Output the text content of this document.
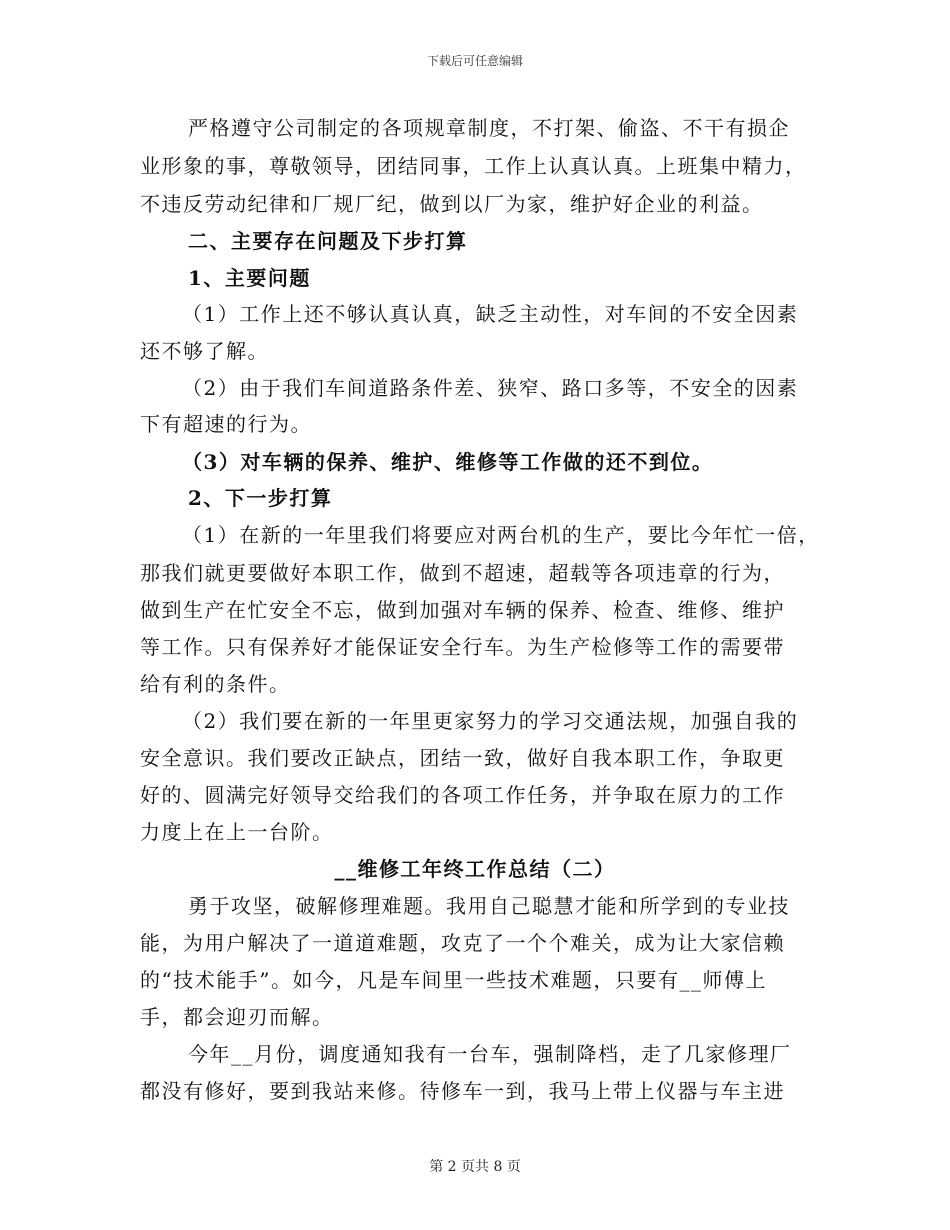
下载后可任意编辑
严格遵守公司制定的各项规章制度，不打架、偷盗、不干有损企
业形象的事，尊敬领导，团结同事，工作上认真认真。上班集中精力，
不违反劳动纪律和厂规厂纪，做到以厂为家，维护好企业的利益。
二、主要存在问题及下步打算
1、主要问题
（1）工作上还不够认真认真，缺乏主动性，对车间的不安全因素
还不够了解。
（2）由于我们车间道路条件差、狭窄、路口多等，不安全的因素
下有超速的行为。
（3）对车辆的保养、维护、维修等工作做的还不到位。
2、下一步打算
（1）在新的一年里我们将要应对两台机的生产，要比今年忙一倍，
那我们就更要做好本职工作，做到不超速，超载等各项违章的行为，
做到生产在忙安全不忘，做到加强对车辆的保养、检查、维修、维护
等工作。只有保养好才能保证安全行车。为生产检修等工作的需要带
给有利的条件。
（2）我们要在新的一年里更家努力的学习交通法规，加强自我的
安全意识。我们要改正缺点，团结一致，做好自我本职工作，争取更
好的、圆满完好领导交给我们的各项工作任务，并争取在原力的工作
力度上在上一台阶。
__维修工年终工作总结（二）
勇于攻坚，破解修理难题。我用自己聪慧才能和所学到的专业技
能，为用户解决了一道道难题，攻克了一个个难关，成为让大家信赖
的“技术能手”。如今，凡是车间里一些技术难题，只要有__师傅上
手，都会迎刃而解。
今年__月份，调度通知我有一台车，强制降档，走了几家修理厂
都没有修好，要到我站来修。待修车一到，我马上带上仪器与车主进
第 2 页共 8 页
